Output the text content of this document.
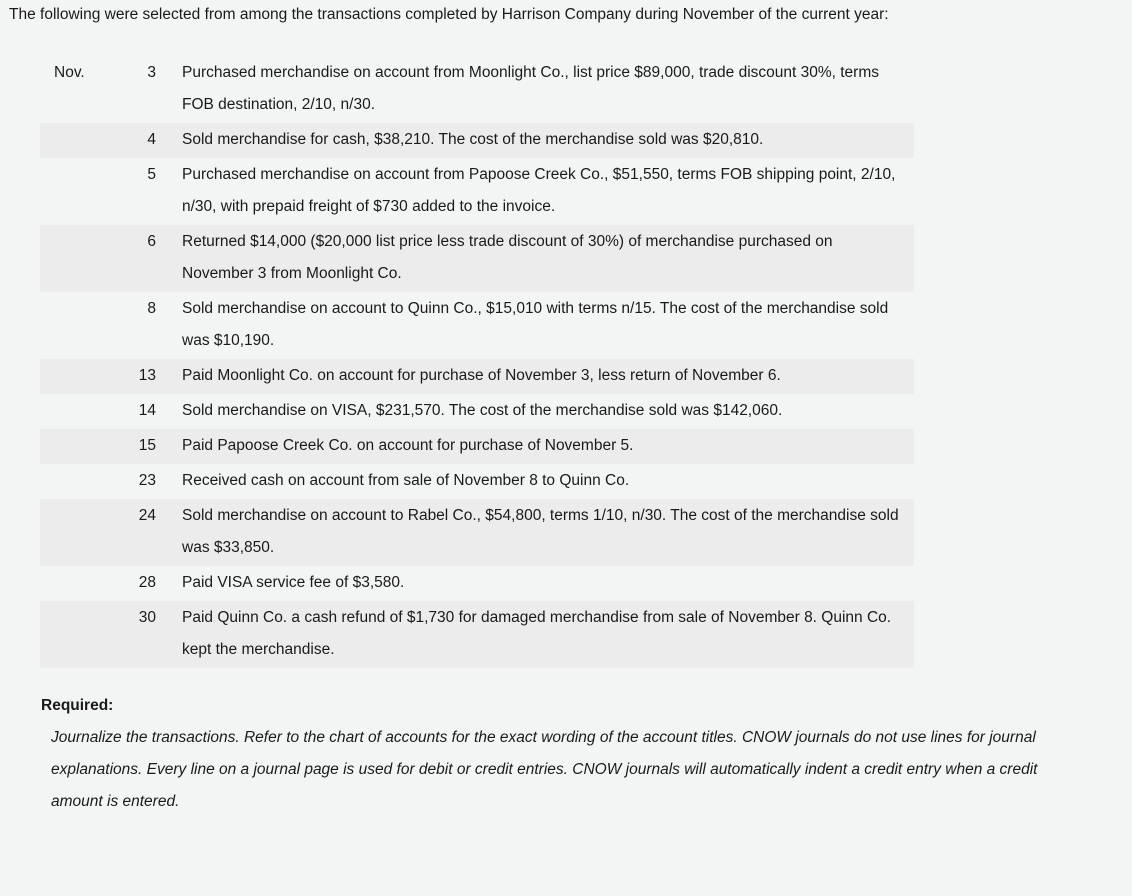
The following were selected from among the transactions completed by Harrison Company during November of the current year:
Nov.	3	Purchased merchandise on account from Moonlight Co., list price $89,000, trade discount 30%, terms FOB destination, 2/10, n/30.
	4	Sold merchandise for cash, $38,210. The cost of the merchandise sold was $20,810.
	5	Purchased merchandise on account from Papoose Creek Co., $51,550, terms FOB shipping point, 2/10, n/30, with prepaid freight of $730 added to the invoice.
	6	Returned $14,000 ($20,000 list price less trade discount of 30%) of merchandise purchased on November 3 from Moonlight Co.
	8	Sold merchandise on account to Quinn Co., $15,010 with terms n/15. The cost of the merchandise sold was $10,190.
	13	Paid Moonlight Co. on account for purchase of November 3, less return of November 6.
	14	Sold merchandise on VISA, $231,570. The cost of the merchandise sold was $142,060.
	15	Paid Papoose Creek Co. on account for purchase of November 5.
	23	Received cash on account from sale of November 8 to Quinn Co.
	24	Sold merchandise on account to Rabel Co., $54,800, terms 1/10, n/30. The cost of the merchandise sold was $33,850.
	28	Paid VISA service fee of $3,580.
	30	Paid Quinn Co. a cash refund of $1,730 for damaged merchandise from sale of November 8. Quinn Co. kept the merchandise.
Required:
Journalize the transactions. Refer to the chart of accounts for the exact wording of the account titles. CNOW journals do not use lines for journal explanations. Every line on a journal page is used for debit or credit entries. CNOW journals will automatically indent a credit entry when a credit amount is entered.
